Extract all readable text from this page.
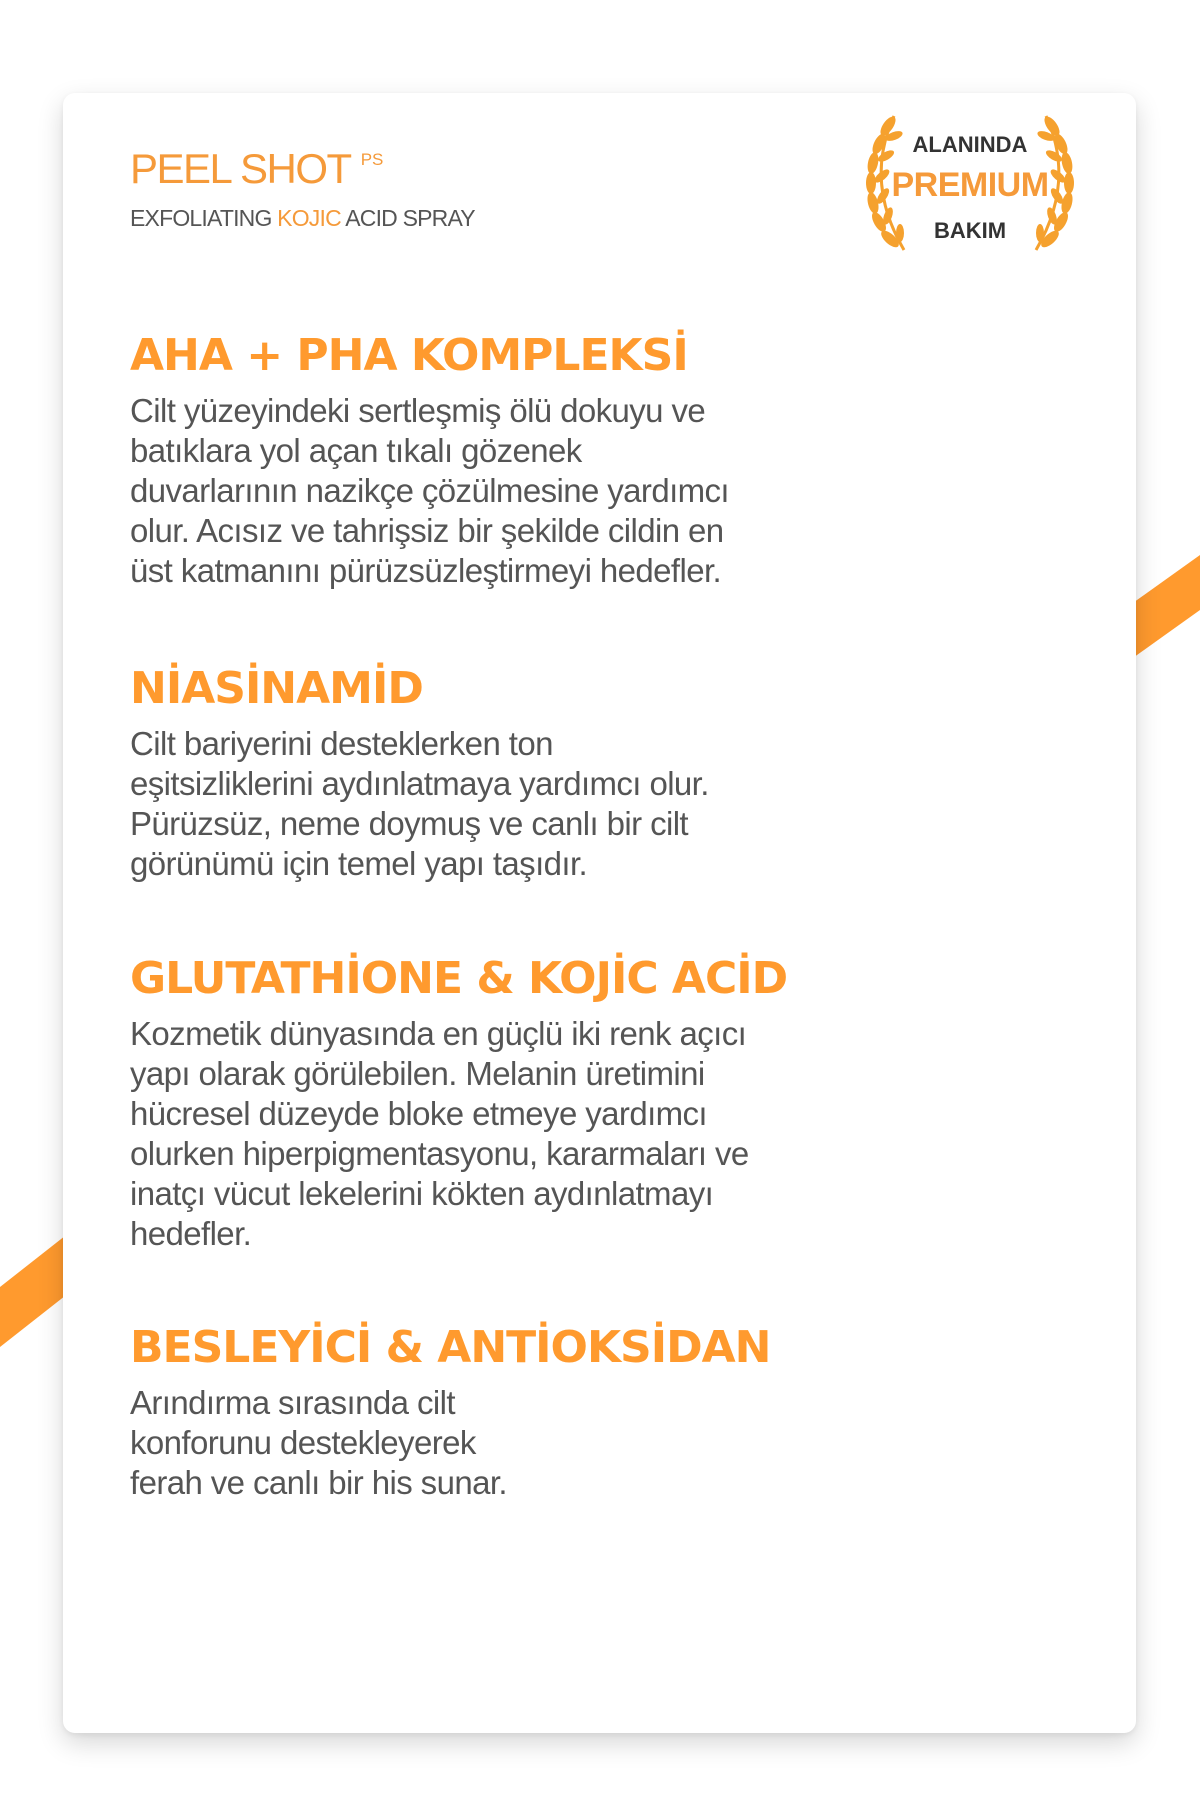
PEEL SHOT $^{PS}$
EXFOLIATING KOJIC ACID SPRAY
ALANINDA
PREMIUM
BAKIM
AHA + PHA KOMPLEKSİ

Cilt yüzeyindeki sertleşmiş ölü dokuyu ve
batıklara yol açan tıkalı gözenek
duvarlarının nazikçe çözülmesine yardımcı
olur. Acısız ve tahrişsiz bir şekilde cildin en
üst katmanını pürüzsüzleştirmeyi hedefler.

NİASİNAMİD

Cilt bariyerini desteklerken ton
eşitsizliklerini aydınlatmaya yardımcı olur.
Pürüzsüz, neme doymuş ve canlı bir cilt
görünümü için temel yapı taşıdır.

GLUTATHİONE & KOJİC ACİD

Kozmetik dünyasında en güçlü iki renk açıcı
yapı olarak görülebilen. Melanin üretimini
hücresel düzeyde bloke etmeye yardımcı
olurken hiperpigmentasyonu, kararmaları ve
inatçı vücut lekelerini kökten aydınlatmayı
hedefler.

BESLEYİCİ & ANTİOKSİDAN

Arındırma sırasında cilt
konforunu destekleyerek
ferah ve canlı bir his sunar.
